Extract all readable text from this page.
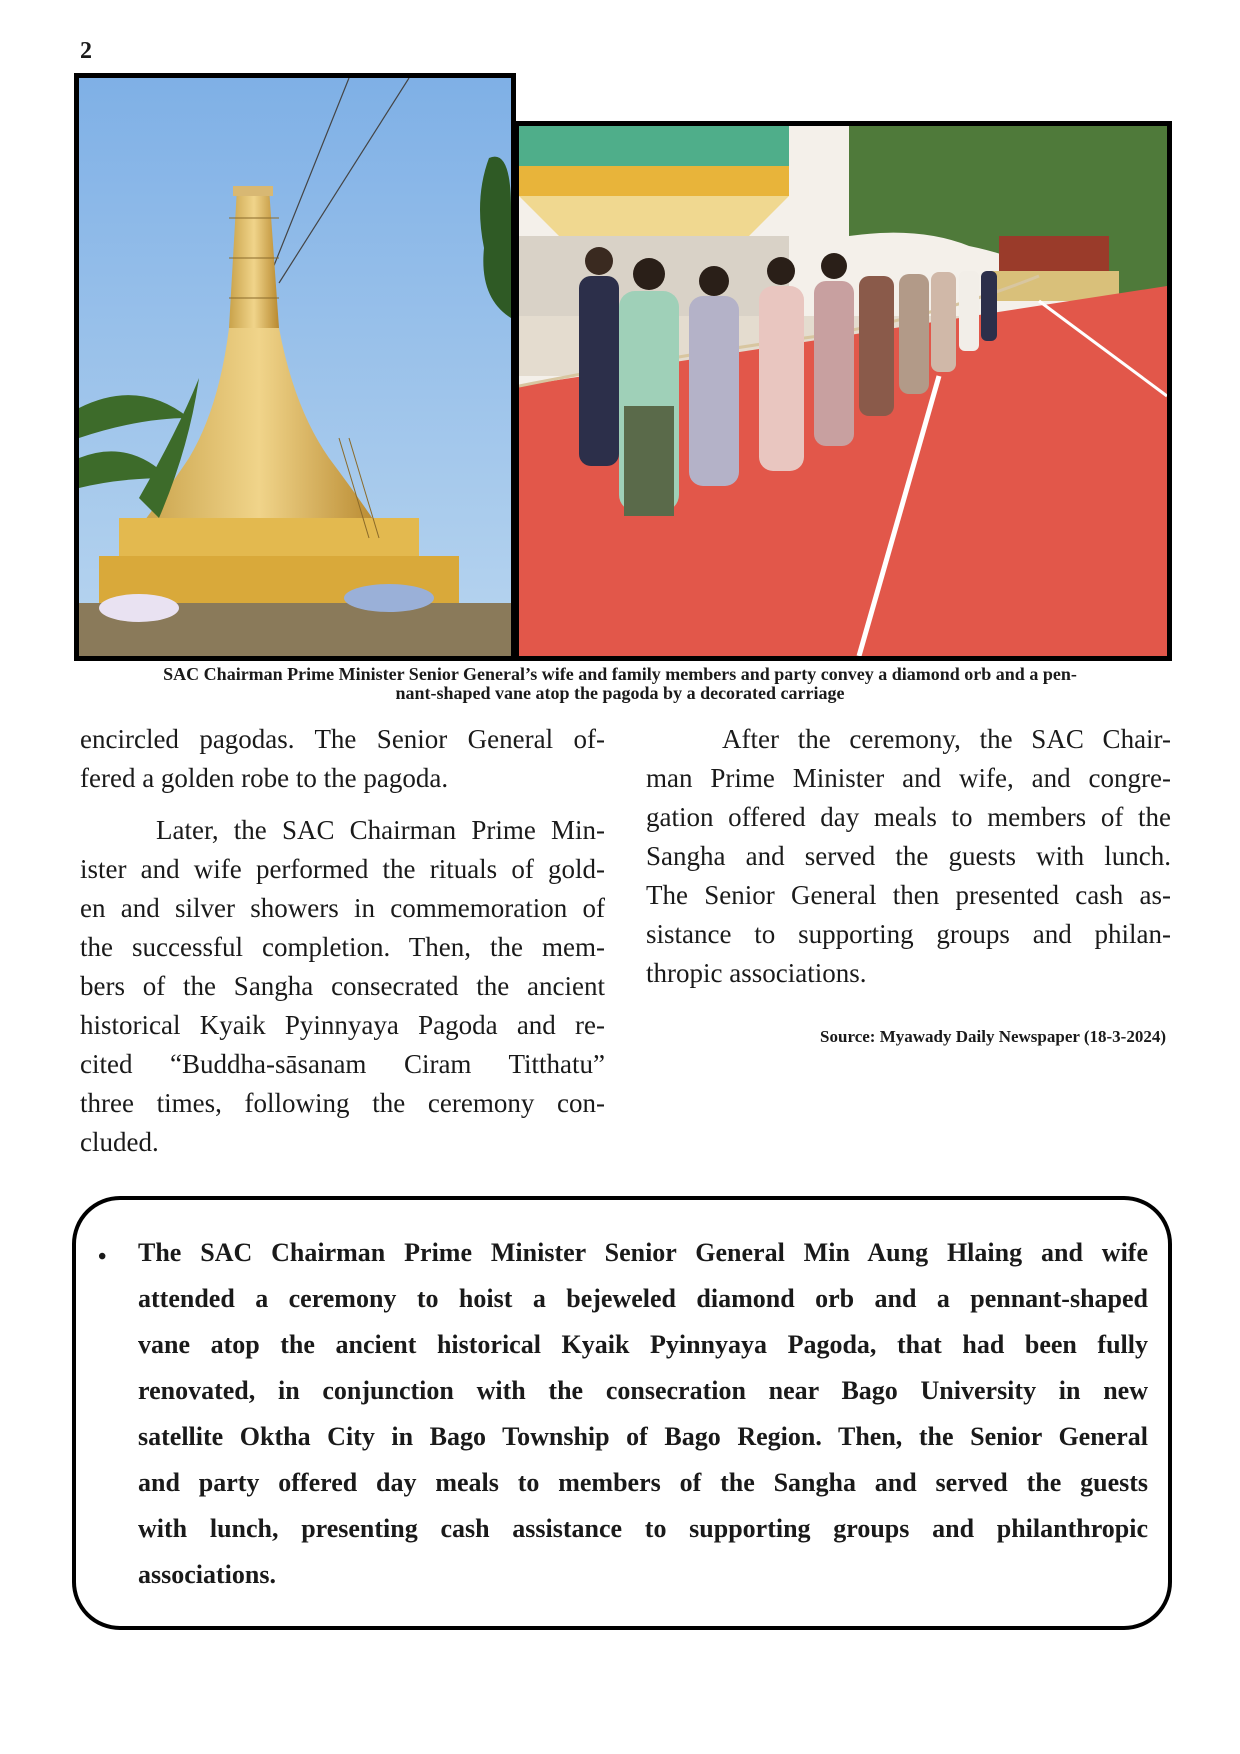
2
SAC Chairman Prime Minister Senior General’s wife and family members and party convey a diamond orb and a pen-
nant-shaped vane atop the pagoda by a decorated carriage

encircled pagodas. The Senior General of-
fered a golden robe to the pagoda.

Later, the SAC Chairman Prime Min-
ister and wife performed the rituals of gold-
en and silver showers in commemoration of
the successful completion. Then, the mem-
bers of the Sangha consecrated the ancient
historical Kyaik Pyinnyaya Pagoda and re-
cited “Buddha-sāsanam Ciram Titthatu”
three times, following the ceremony con-
cluded.

After the ceremony, the SAC Chair-
man Prime Minister and wife, and congre-
gation offered day meals to members of the
Sangha and served the guests with lunch.
The Senior General then presented cash as-
sistance to supporting groups and philan-
thropic associations.

Source: Myawady Daily Newspaper (18-3-2024)
• The SAC Chairman Prime Minister Senior General Min Aung Hlaing and wife
attended a ceremony to hoist a bejeweled diamond orb and a pennant-shaped
vane atop the ancient historical Kyaik Pyinnyaya Pagoda, that had been fully
renovated, in conjunction with the consecration near Bago University in new
satellite Oktha City in Bago Township of Bago Region. Then, the Senior General
and party offered day meals to members of the Sangha and served the guests
with lunch, presenting cash assistance to supporting groups and philanthropic
associations.
